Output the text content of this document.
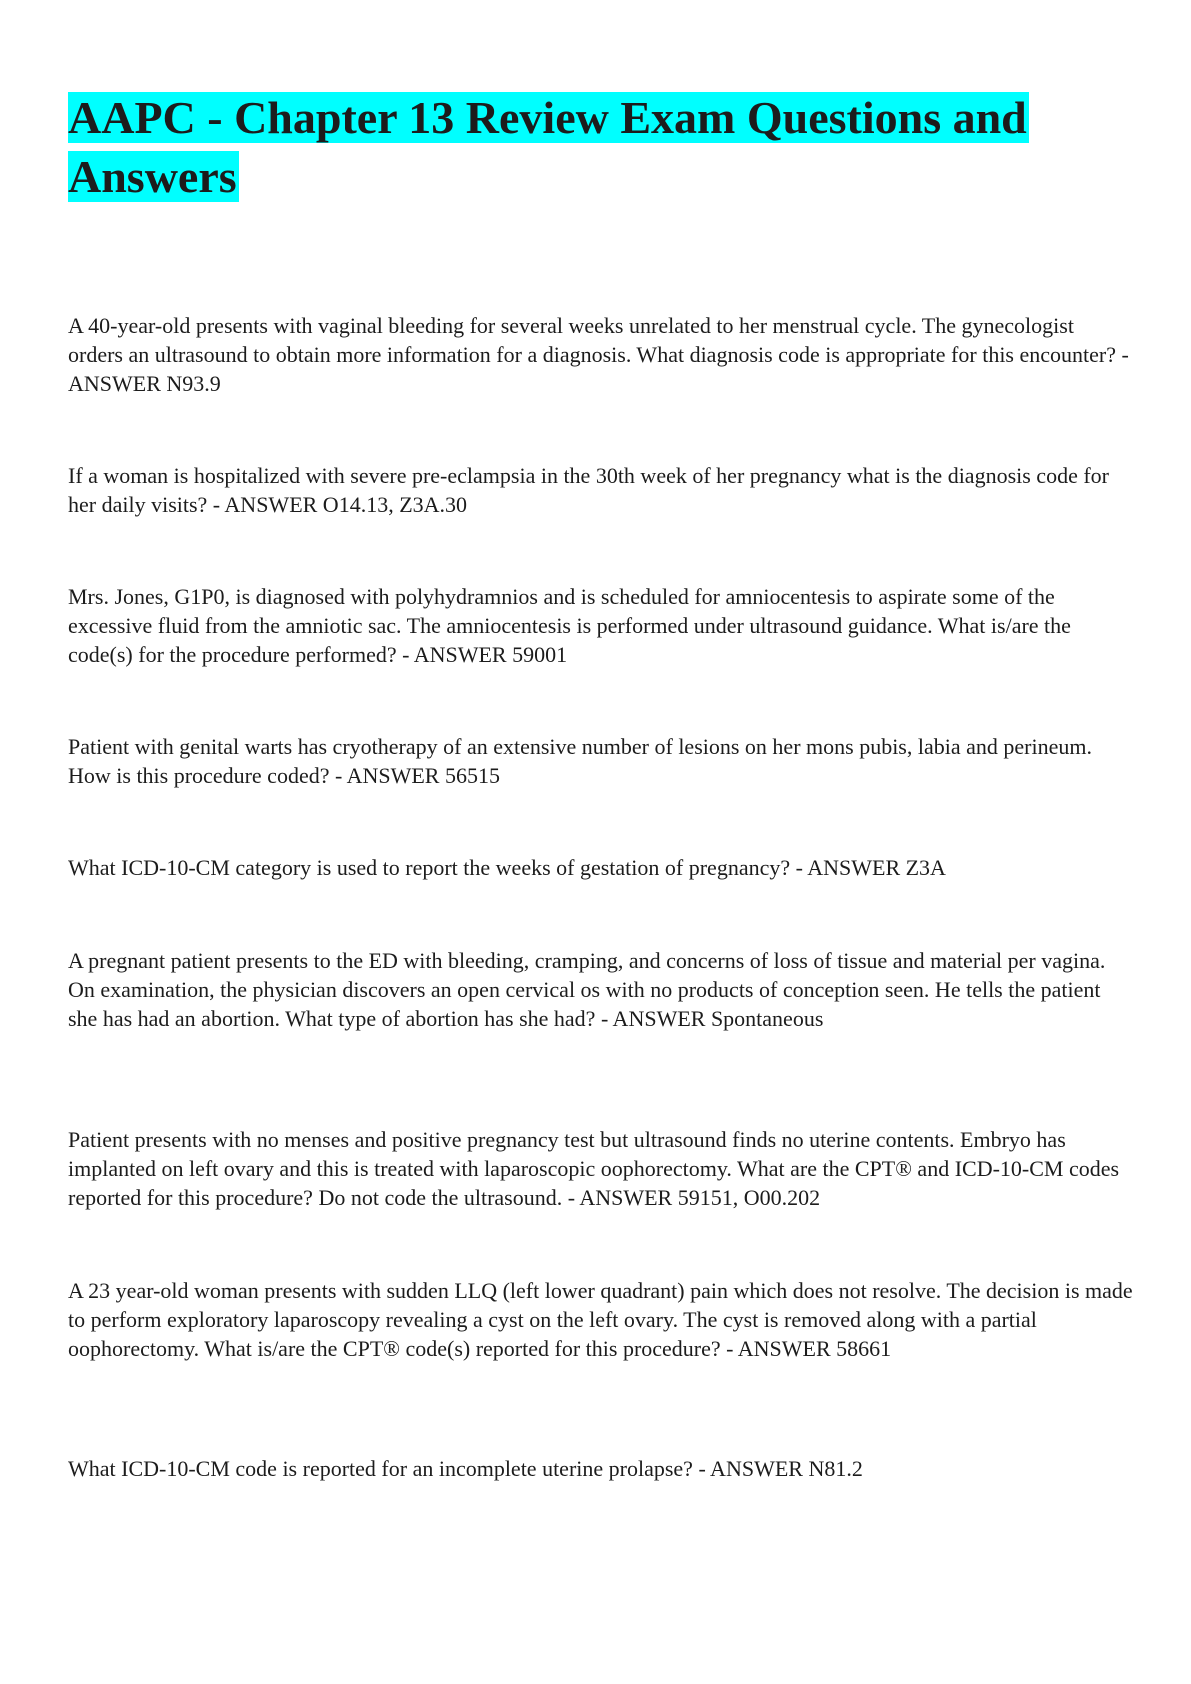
AAPC - Chapter 13 Review Exam Questions and Answers

A 40-year-old presents with vaginal bleeding for several weeks unrelated to her menstrual cycle. The gynecologist orders an ultrasound to obtain more information for a diagnosis. What diagnosis code is appropriate for this encounter? - ANSWER N93.9

If a woman is hospitalized with severe pre-eclampsia in the 30th week of her pregnancy what is the diagnosis code for her daily visits? - ANSWER O14.13, Z3A.30

Mrs. Jones, G1P0, is diagnosed with polyhydramnios and is scheduled for amniocentesis to aspirate some of the excessive fluid from the amniotic sac. The amniocentesis is performed under ultrasound guidance. What is/are the code(s) for the procedure performed? - ANSWER 59001

Patient with genital warts has cryotherapy of an extensive number of lesions on her mons pubis, labia and perineum. How is this procedure coded? - ANSWER 56515

What ICD-10-CM category is used to report the weeks of gestation of pregnancy? - ANSWER Z3A

A pregnant patient presents to the ED with bleeding, cramping, and concerns of loss of tissue and material per vagina. On examination, the physician discovers an open cervical os with no products of conception seen. He tells the patient she has had an abortion. What type of abortion has she had? - ANSWER Spontaneous

Patient presents with no menses and positive pregnancy test but ultrasound finds no uterine contents. Embryo has implanted on left ovary and this is treated with laparoscopic oophorectomy. What are the CPT® and ICD-10-CM codes reported for this procedure? Do not code the ultrasound. - ANSWER 59151, O00.202

A 23 year-old woman presents with sudden LLQ (left lower quadrant) pain which does not resolve. The decision is made to perform exploratory laparoscopy revealing a cyst on the left ovary. The cyst is removed along with a partial oophorectomy. What is/are the CPT® code(s) reported for this procedure? - ANSWER 58661

What ICD-10-CM code is reported for an incomplete uterine prolapse? - ANSWER N81.2
